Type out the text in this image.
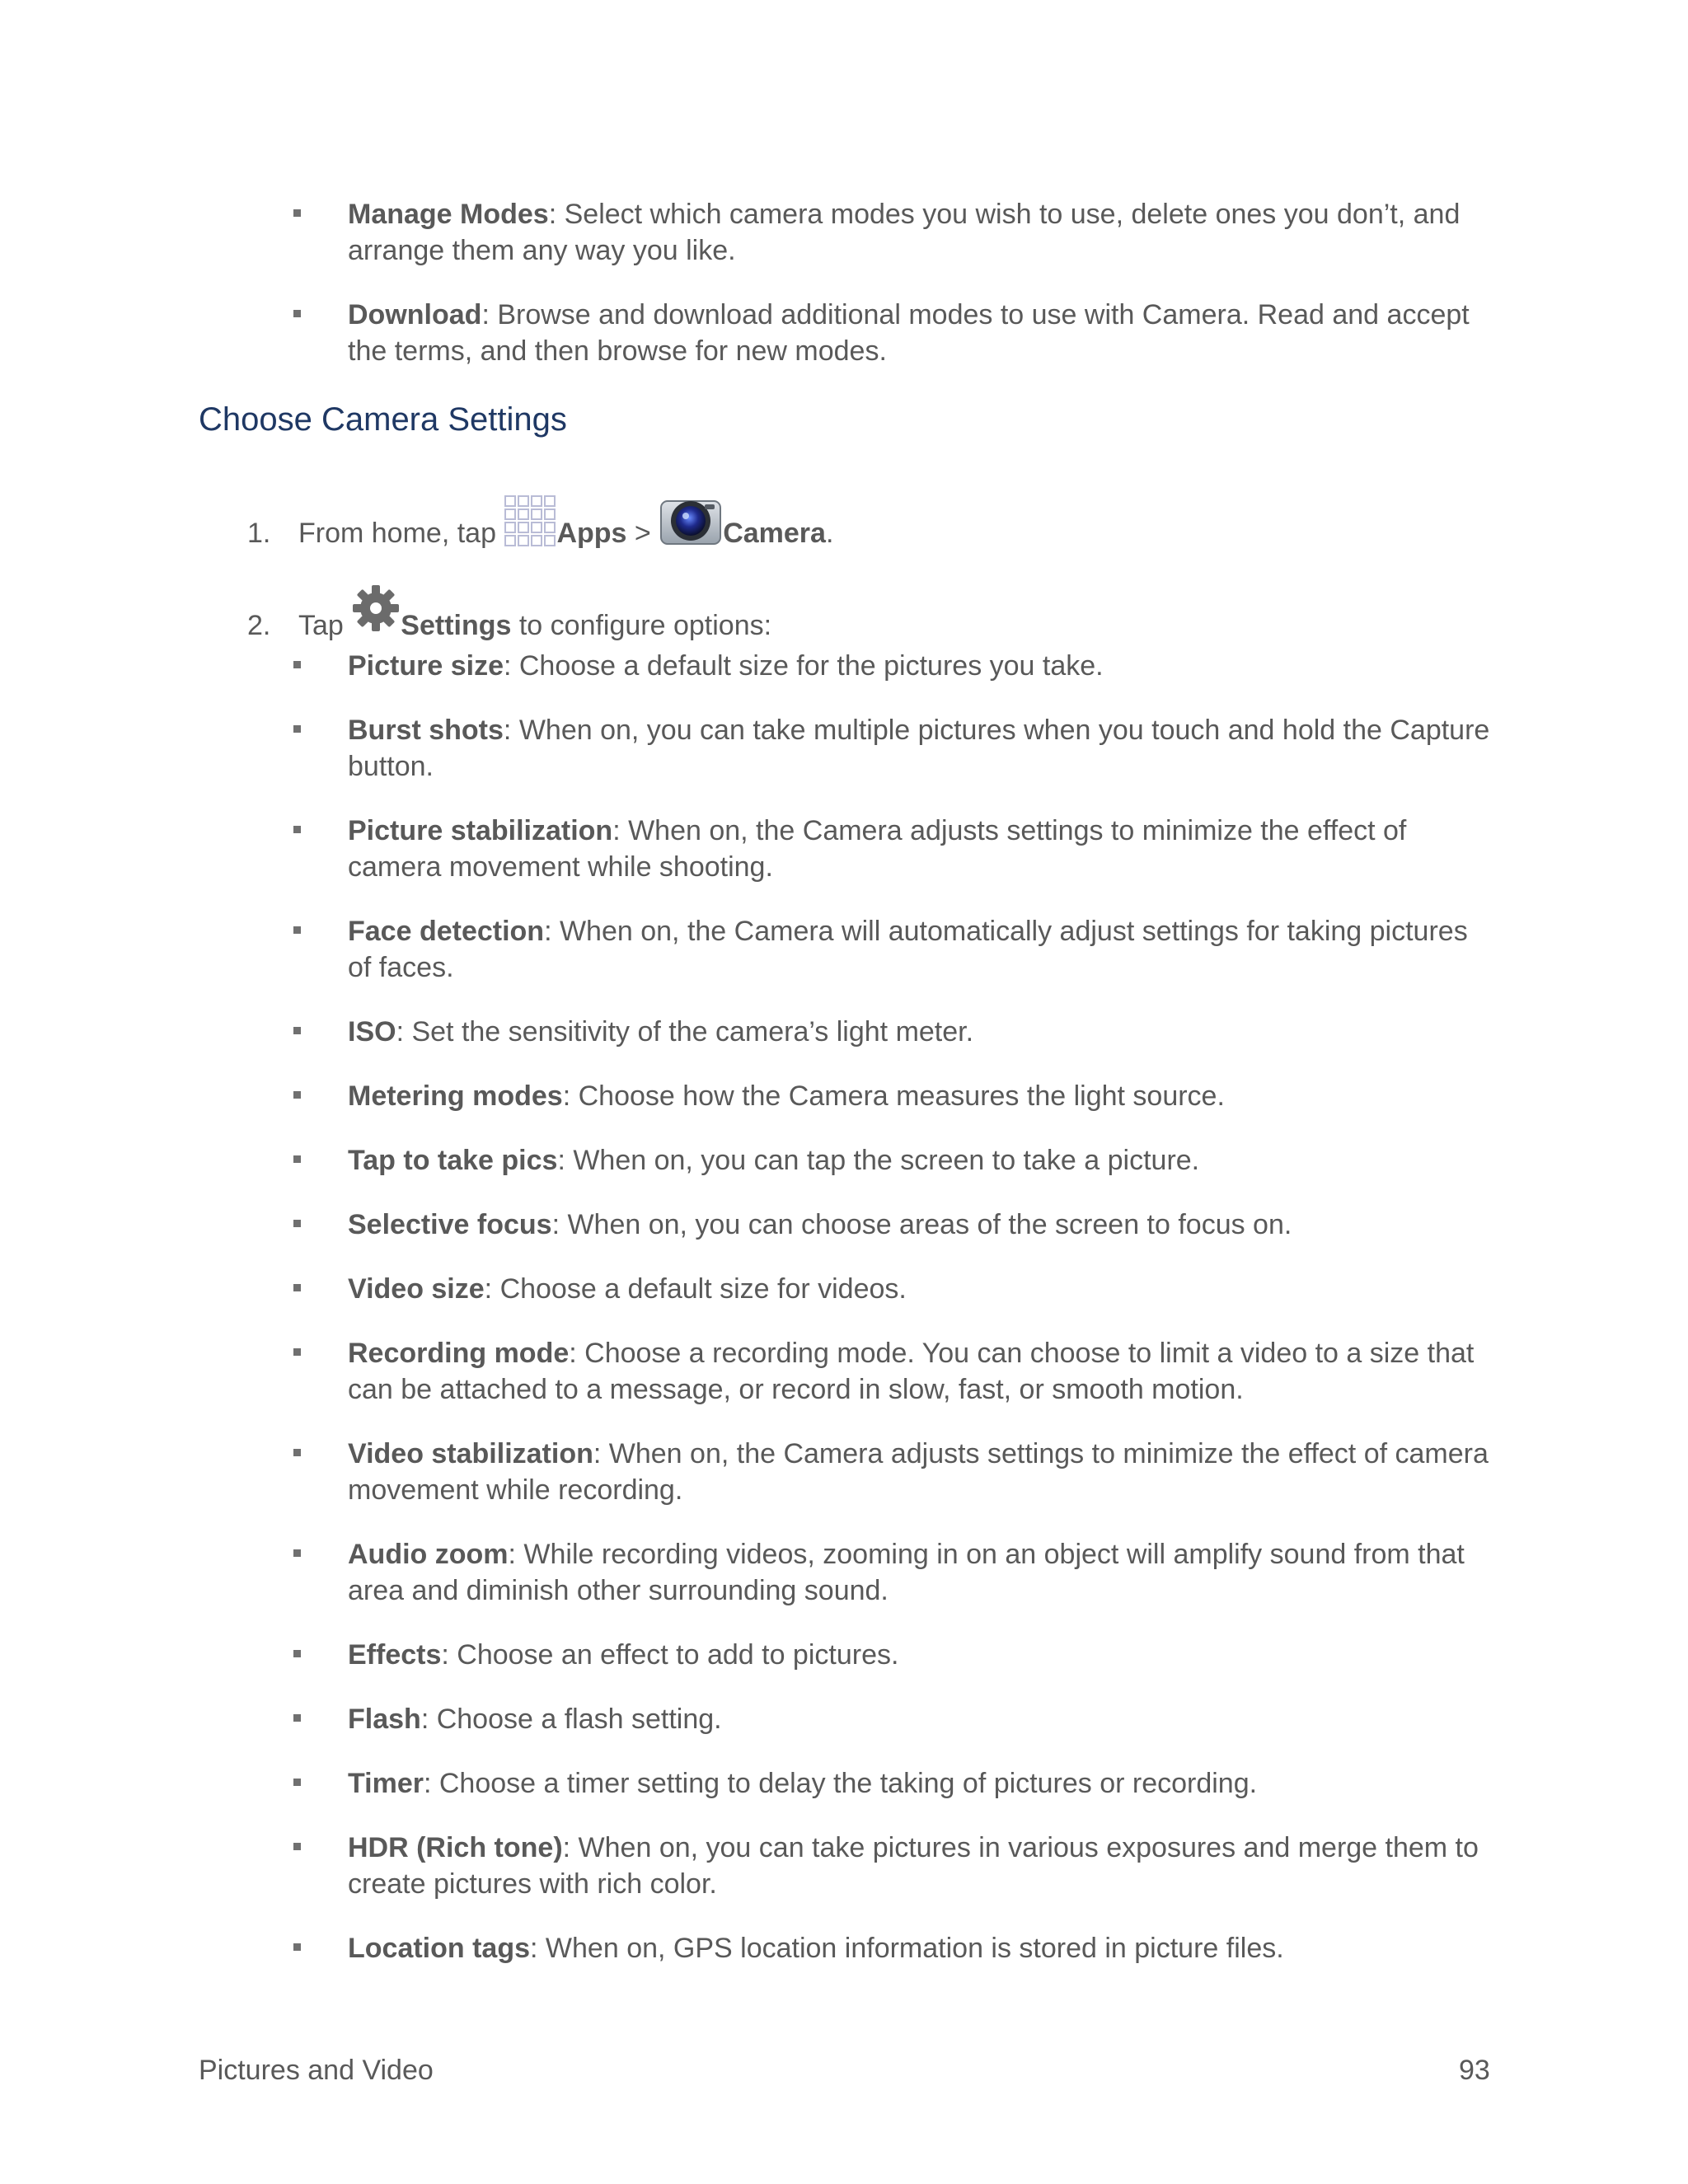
Manage Modes: Select which camera modes you wish to use, delete ones you don’t, and arrange them any way you like.
Download: Browse and download additional modes to use with Camera. Read and accept the terms, and then browse for new modes.
Choose Camera Settings
1. From home, tap Apps >	Camera.
2. Tap Settings to configure options:
Picture size: Choose a default size for the pictures you take.
Burst shots: When on, you can take multiple pictures when you touch and hold the Capture button.
Picture stabilization: When on, the Camera adjusts settings to minimize the effect of camera movement while shooting.
Face detection: When on, the Camera will automatically adjust settings for taking pictures of faces.
ISO: Set the sensitivity of the camera’s light meter.
Metering modes: Choose how the Camera measures the light source.
Tap to take pics: When on, you can tap the screen to take a picture.
Selective focus: When on, you can choose areas of the screen to focus on.
Video size: Choose a default size for videos.
Recording mode: Choose a recording mode. You can choose to limit a video to a size that can be attached to a message, or record in slow, fast, or smooth motion.
Video stabilization: When on, the Camera adjusts settings to minimize the effect of camera movement while recording.
Audio zoom: While recording videos, zooming in on an object will amplify sound from that area and diminish other surrounding sound.
Effects: Choose an effect to add to pictures.
Flash: Choose a flash setting.
Timer: Choose a timer setting to delay the taking of pictures or recording.
HDR (Rich tone): When on, you can take pictures in various exposures and merge them to create pictures with rich color.
Location tags: When on, GPS location information is stored in picture files.
Pictures and Video	93
